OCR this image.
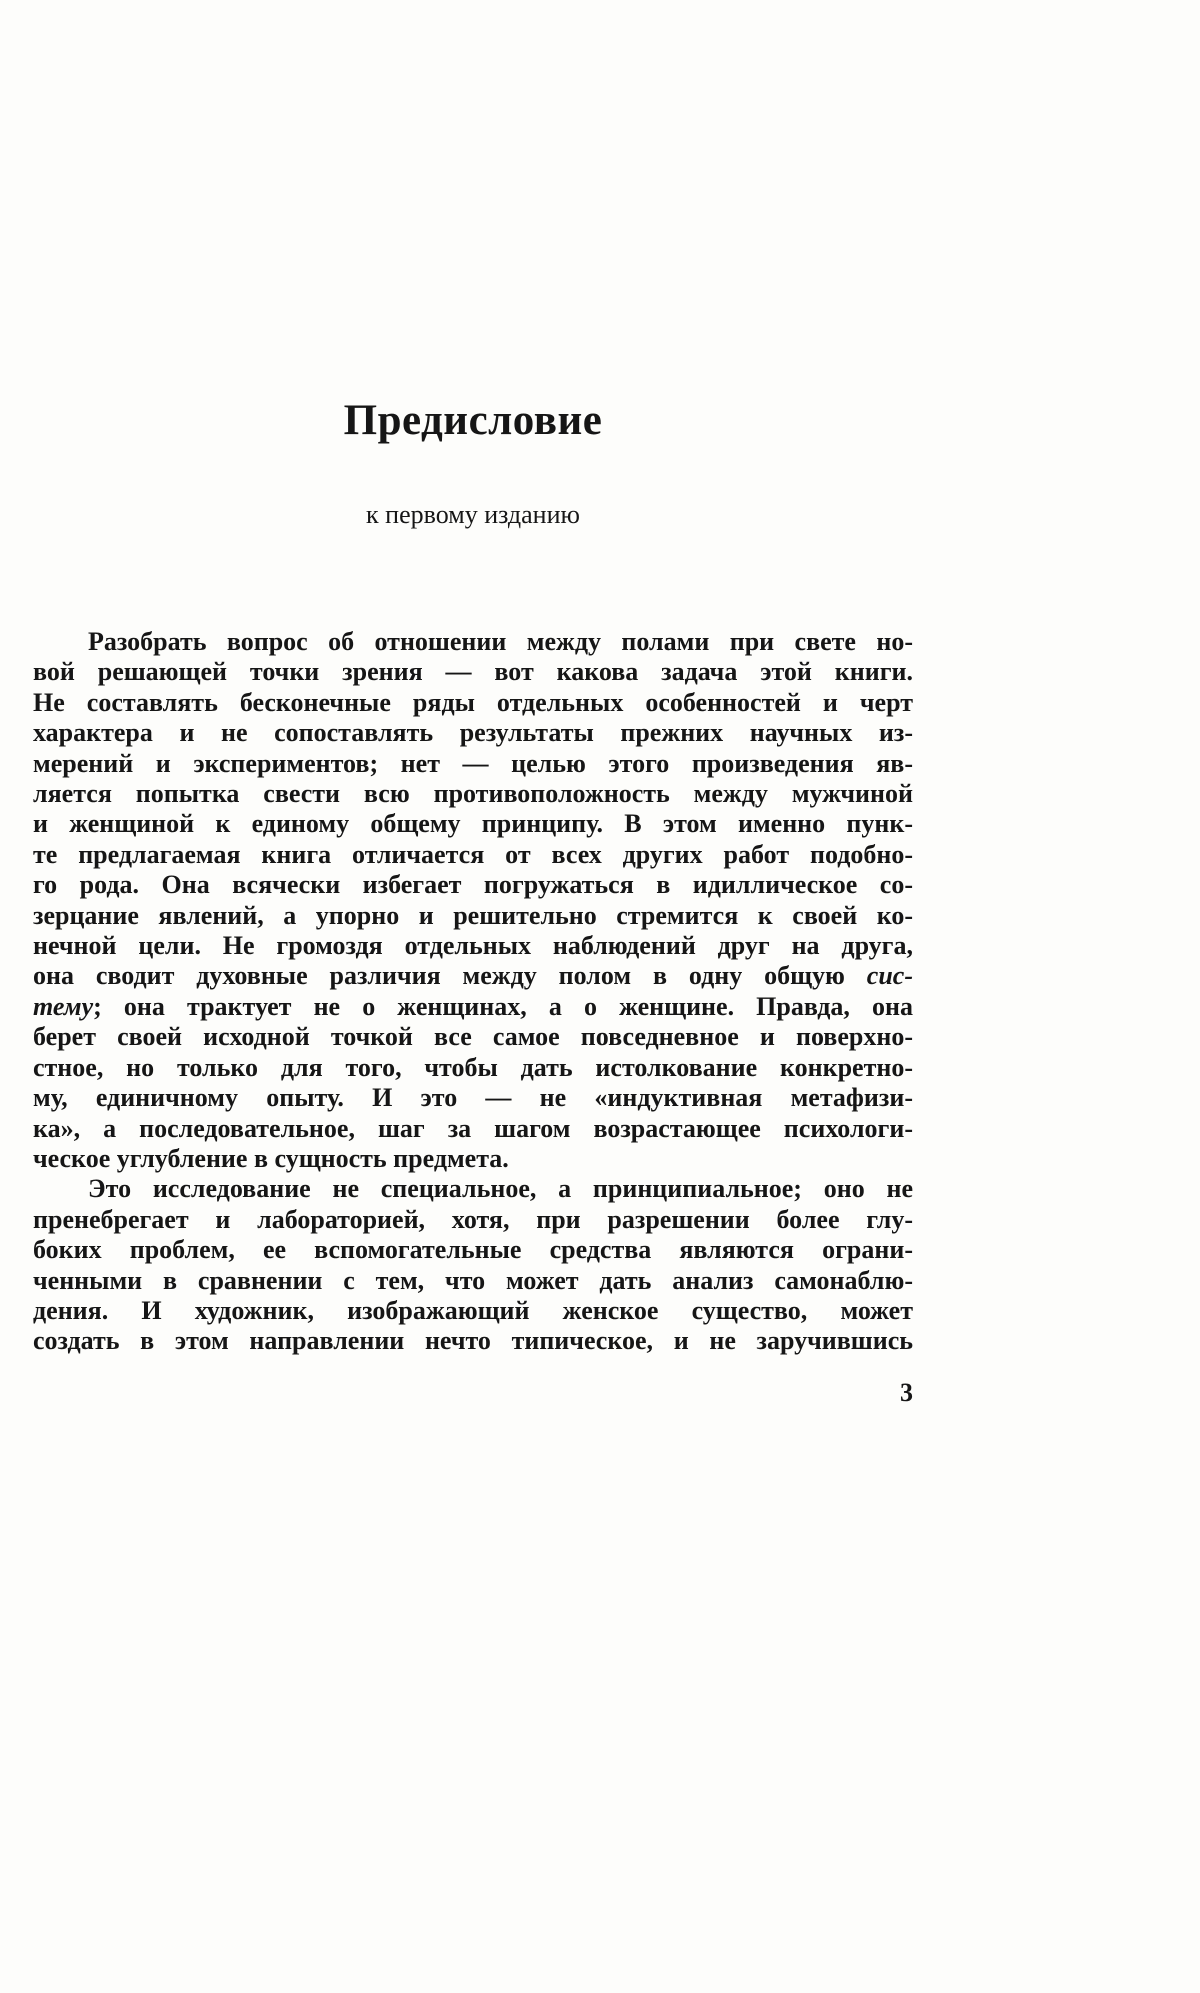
Предисловие
к первому изданию
Разобрать вопрос об отношении между полами при свете но-
вой решающей точки зрения — вот какова задача этой книги.
Не составлять бесконечные ряды отдельных особенностей и черт
характера и не сопоставлять результаты прежних научных из-
мерений и экспериментов; нет — целью этого произведения яв-
ляется попытка свести всю противоположность между мужчиной
и женщиной к единому общему принципу. В этом именно пунк-
те предлагаемая книга отличается от всех других работ подобно-
го рода. Она всячески избегает погружаться в идиллическое со-
зерцание явлений, а упорно и решительно стремится к своей ко-
нечной цели. Не громоздя отдельных наблюдений друг на друга,
она сводит духовные различия между полом в одну общую сис-
тему; она трактует не о женщинах, а о женщине. Правда, она
берет своей исходной точкой все самое повседневное и поверхно-
стное, но только для того, чтобы дать истолкование конкретно-
му, единичному опыту. И это — не «индуктивная метафизи-
ка», а последовательное, шаг за шагом возрастающее психологи-
ческое углубление в сущность предмета.
Это исследование не специальное, а принципиальное; оно не
пренебрегает и лабораторией, хотя, при разрешении более глу-
боких проблем, ее вспомогательные средства являются ограни-
ченными в сравнении с тем, что может дать анализ самонаблю-
дения. И художник, изображающий женское существо, может
создать в этом направлении нечто типическое, и не заручившись
3
